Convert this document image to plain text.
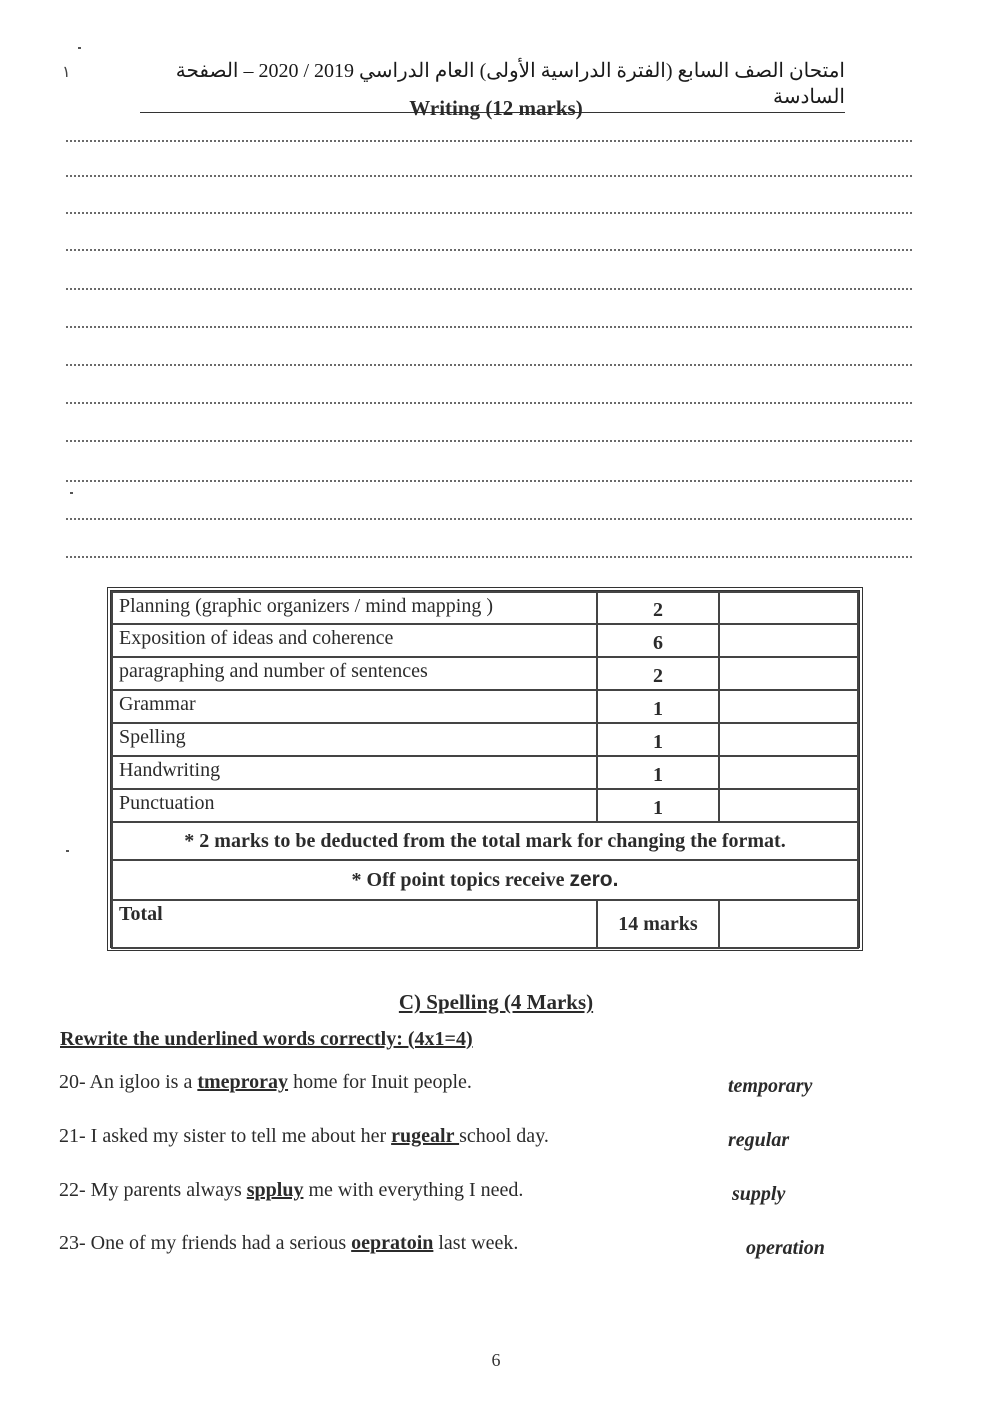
١	امتحان الصف السابع (الفترة الدراسية الأولى) العام الدراسي 2019 / 2020 – الصفحة السادسة
Writing (12 marks)
Planning (graphic organizers / mind mapping )	2	
Exposition of ideas and coherence	6	
paragraphing and number of sentences	2	
Grammar	1	
Spelling	1	
Handwriting	1	
Punctuation	1	
* 2 marks to be deducted from the total mark for changing the format.		
* Off point topics receive zero.		
Total	14 marks	
C) Spelling (4 Marks)
Rewrite the underlined words correctly: (4x1=4)
20- An igloo is a tmeproray home for Inuit people.	temporary
21- I asked my sister to tell me about her rugealr school day.	regular
22- My parents always sppluy me with everything I need.	supply
23- One of my friends had a serious oepratoin last week.	operation
6
